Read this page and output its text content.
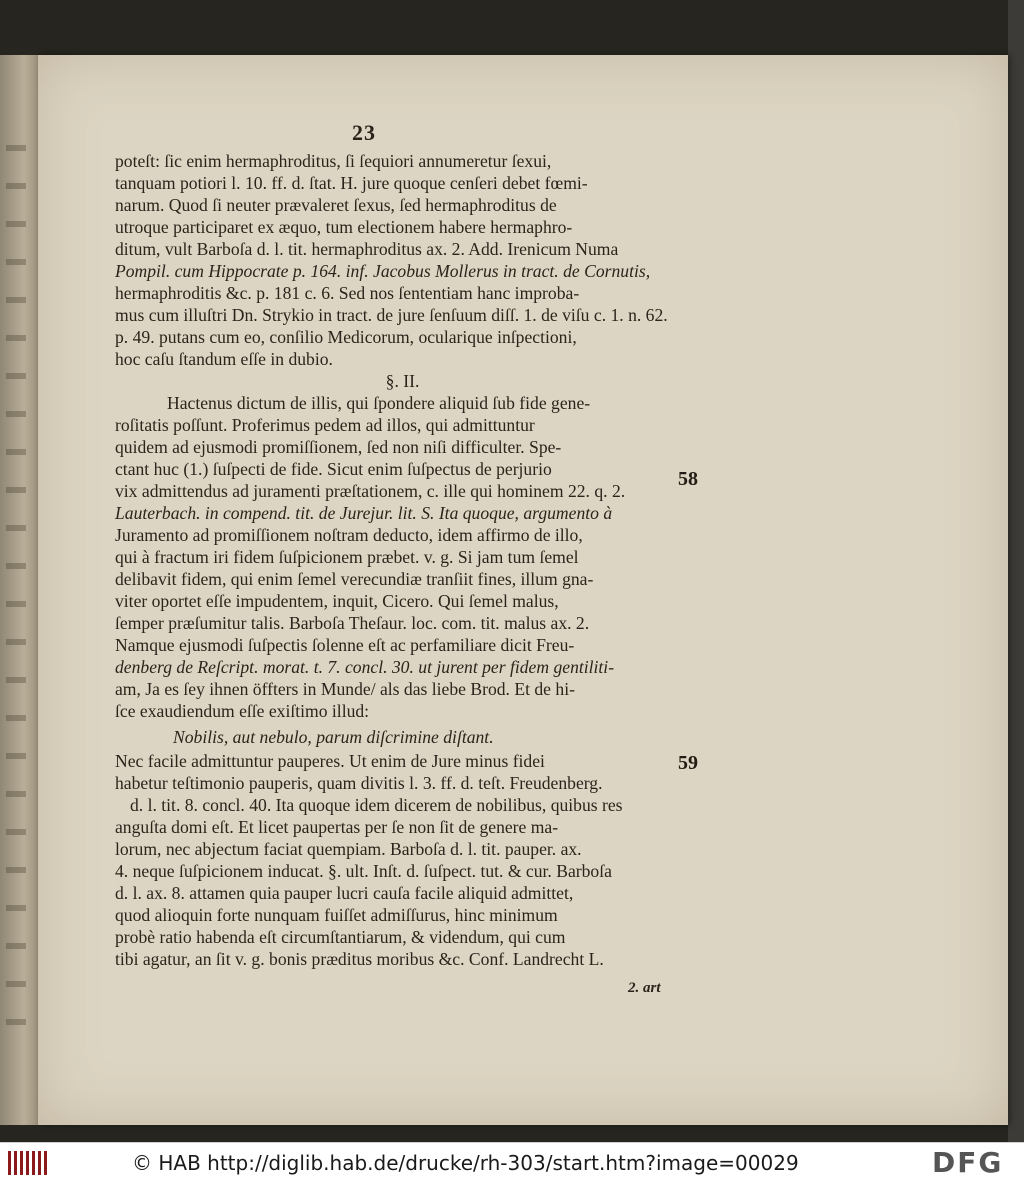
23
poteſt: ſic enim hermaphroditus, ſi ſequiori annumeretur ſexui,
tanquam potiori l. 10. ff. d. ſtat. H. jure quoque cenſeri debet fœmi-
narum. Quod ſi neuter prævaleret ſexus, ſed hermaphroditus de
utroque participaret ex æquo, tum electionem habere hermaphro-
ditum, vult Barboſa d. l. tit. hermaphroditus ax. 2. Add. Irenicum Numa
Pompil. cum Hippocrate p. 164. inf. Jacobus Mollerus in tract. de Cornutis,
hermaphroditis &c. p. 181 c. 6. Sed nos ſententiam hanc improba-
mus cum illuſtri Dn. Strykio in tract. de jure ſenſuum diſſ. 1. de viſu c. 1. n. 62.
p. 49. putans cum eo, conſilio Medicorum, ocularique inſpectioni,
hoc caſu ſtandum eſſe in dubio.
§. II.
Hactenus dictum de illis, qui ſpondere aliquid ſub fide gene-
roſitatis poſſunt. Proferimus pedem ad illos, qui admittuntur
quidem ad ejusmodi promiſſionem, ſed non niſi difficulter. Spe-
ctant huc (1.) ſuſpecti de fide. Sicut enim ſuſpectus de perjurio
vix admittendus ad juramenti præſtationem, c. ille qui hominem 22. q. 2.
Lauterbach. in compend. tit. de Jurejur. lit. S. Ita quoque, argumento à
Juramento ad promiſſionem noſtram deducto, idem affirmo de illo,
qui à fractum iri fidem ſuſpicionem præbet. v. g. Si jam tum ſemel
delibavit fidem, qui enim ſemel verecundiæ tranſiit fines, illum gna-
viter oportet eſſe impudentem, inquit, Cicero. Qui ſemel malus,
ſemper præſumitur talis. Barboſa Theſaur. loc. com. tit. malus ax. 2.
Namque ejusmodi ſuſpectis ſolenne eſt ac perfamiliare dicit Freu-
denberg de Reſcript. morat. t. 7. concl. 30. ut jurent per fidem gentiliti-
am, Ja es ſey ihnen öffters in Munde/ als das liebe Brod. Et de hi-
ſce exaudiendum eſſe exiſtimo illud:
Nobilis, aut nebulo, parum diſcrimine diſtant.
Nec facile admittuntur pauperes. Ut enim de Jure minus fidei
habetur teſtimonio pauperis, quam divitis l. 3. ff. d. teſt. Freudenberg.
d. l. tit. 8. concl. 40. Ita quoque idem dicerem de nobilibus, quibus res
anguſta domi eſt. Et licet paupertas per ſe non ſit de genere ma-
lorum, nec abjectum faciat quempiam. Barboſa d. l. tit. pauper. ax.
4. neque ſuſpicionem inducat. §. ult. Inſt. d. ſuſpect. tut. & cur. Barboſa
d. l. ax. 8. attamen quia pauper lucri cauſa facile aliquid admittet,
quod alioquin forte nunquam fuiſſet admiſſurus, hinc minimum
probè ratio habenda eſt circumſtantiarum, & videndum, qui cum
tibi agatur, an ſit v. g. bonis præditus moribus &c. Conf. Landrecht L.
58
59
2. art
© HAB http://diglib.hab.de/drucke/rh-303/start.htm?image=00029	DFG
